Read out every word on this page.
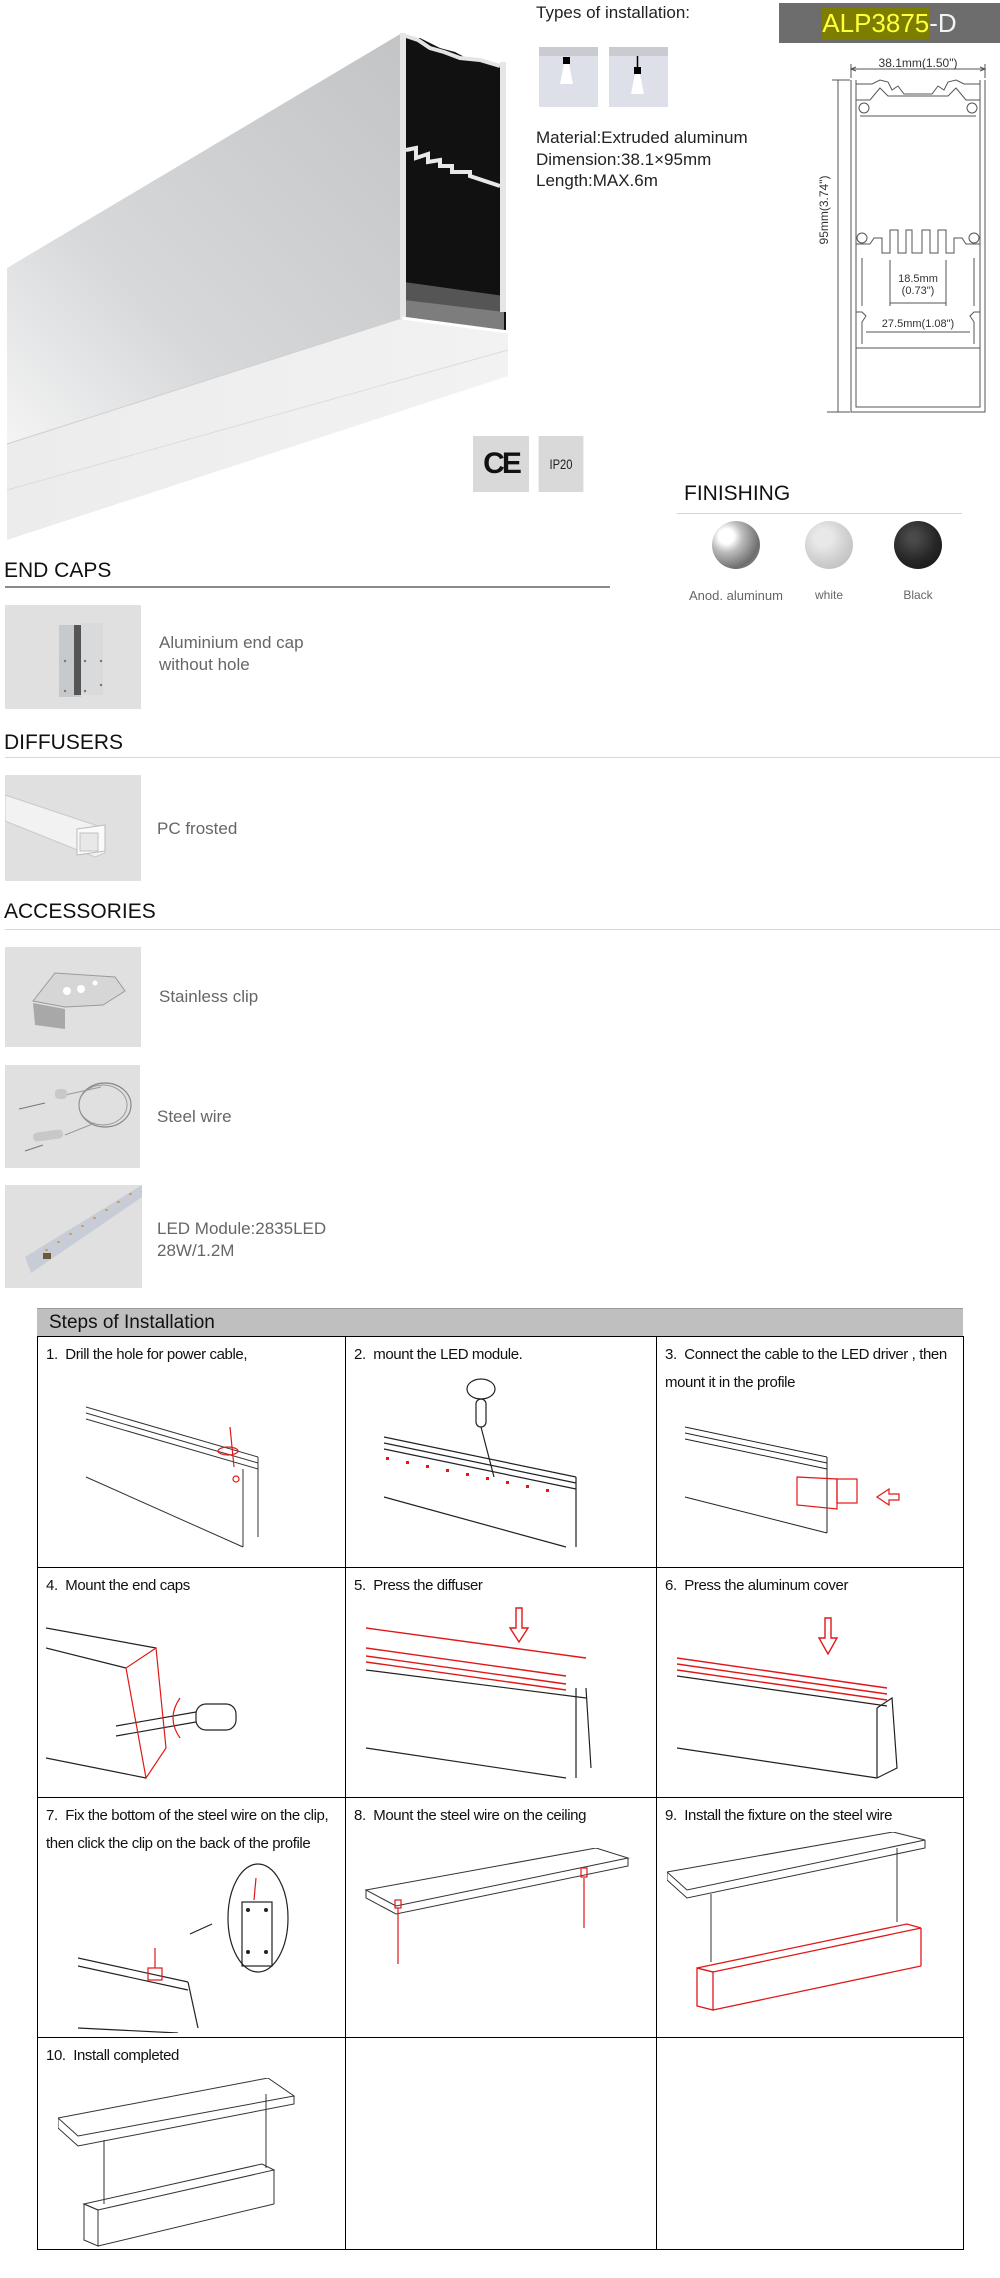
Types of installation:
Material:Extruded aluminum
Dimension:38.1×95mm
Length:MAX.6m
ALP3875 -D
38.1mm(1.50")
95mm(3.74")
18.5mm
(0.73")
27.5mm(1.08")
CE	IP20
FINISHING
Anod. aluminum	white	Black
END CAPS
Aluminium end cap
without hole
DIFFUSERS
PC frosted
ACCESSORIES
Stainless clip
Steel wire
LED Module:2835LED
28W/1.2M
Steps of Installation
1. Drill the hole for power cable,	2. mount the LED module.	3. Connect the cable to the LED driver , then mount it in the profile

4. Mount the end caps	5. Press the diffuser	6. Press the aluminum cover

7. Fix the bottom of the steel wire on the clip, then click the clip on the back of the profile	8. Mount the steel wire on the ceiling	9. Install the fixture on the steel wire

10. Install completed		
